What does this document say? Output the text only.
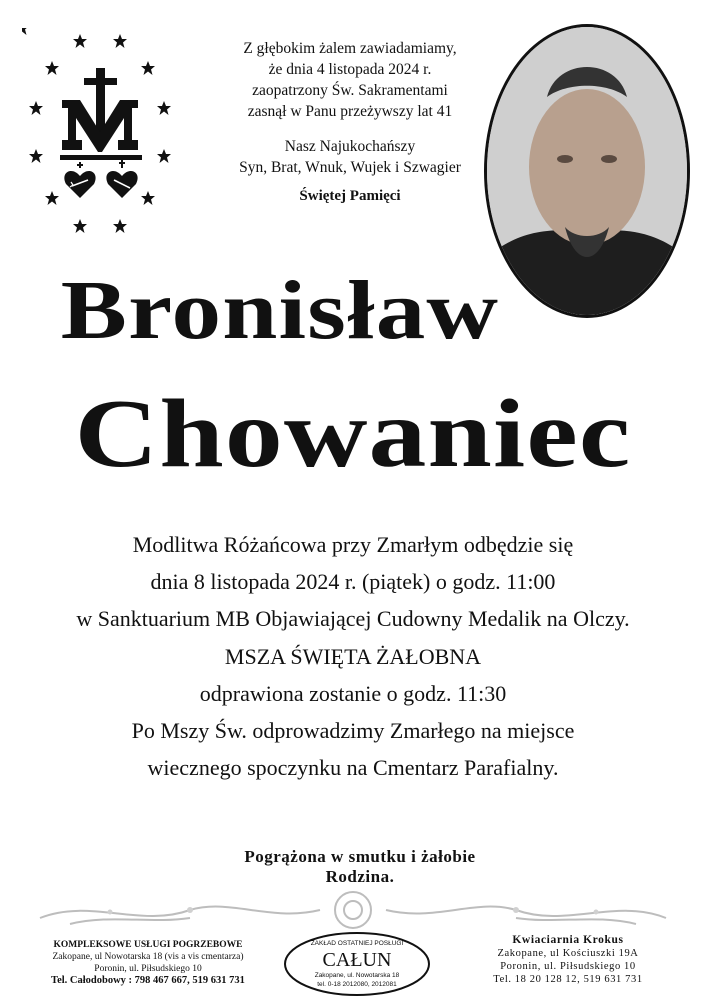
Z głębokim żalem zawiadamiamy,
że dnia 4 listopada 2024 r.
zaopatrzony Św. Sakramentami
zasnął w Panu przeżywszy lat 41
Nasz Najukochańszy
Syn, Brat, Wnuk, Wujek i Szwagier
Świętej Pamięci
Bronisław
Chowaniec
Modlitwa Różańcowa przy Zmarłym odbędzie się
dnia 8 listopada 2024 r. (piątek) o godz. 11:00
w Sanktuarium MB Objawiającej Cudowny Medalik na Olczy.
MSZA ŚWIĘTA ŻAŁOBNA
odprawiona zostanie o godz. 11:30
Po Mszy Św. odprowadzimy Zmarłego na miejsce
wiecznego spoczynku na Cmentarz Parafialny.
Pogrążona w smutku i żałobie
Rodzina.
KOMPLEKSOWE USŁUGI POGRZEBOWE
Zakopane, ul Nowotarska 18 (vis a vis cmentarza)
Poronin, ul. Piłsudskiego 10
Tel. Całodobowy : 798 467 667, 519 631 731
ZAKŁAD OSTATNIEJ POSŁUGI
CAŁUN
Zakopane, ul. Nowotarska 18
tel. 0-18 2012080, 2012081
Kwiaciarnia Krokus
Zakopane, ul Kościuszki 19A
Poronin, ul. Piłsudskiego 10
Tel. 18 20 128 12, 519 631 731
